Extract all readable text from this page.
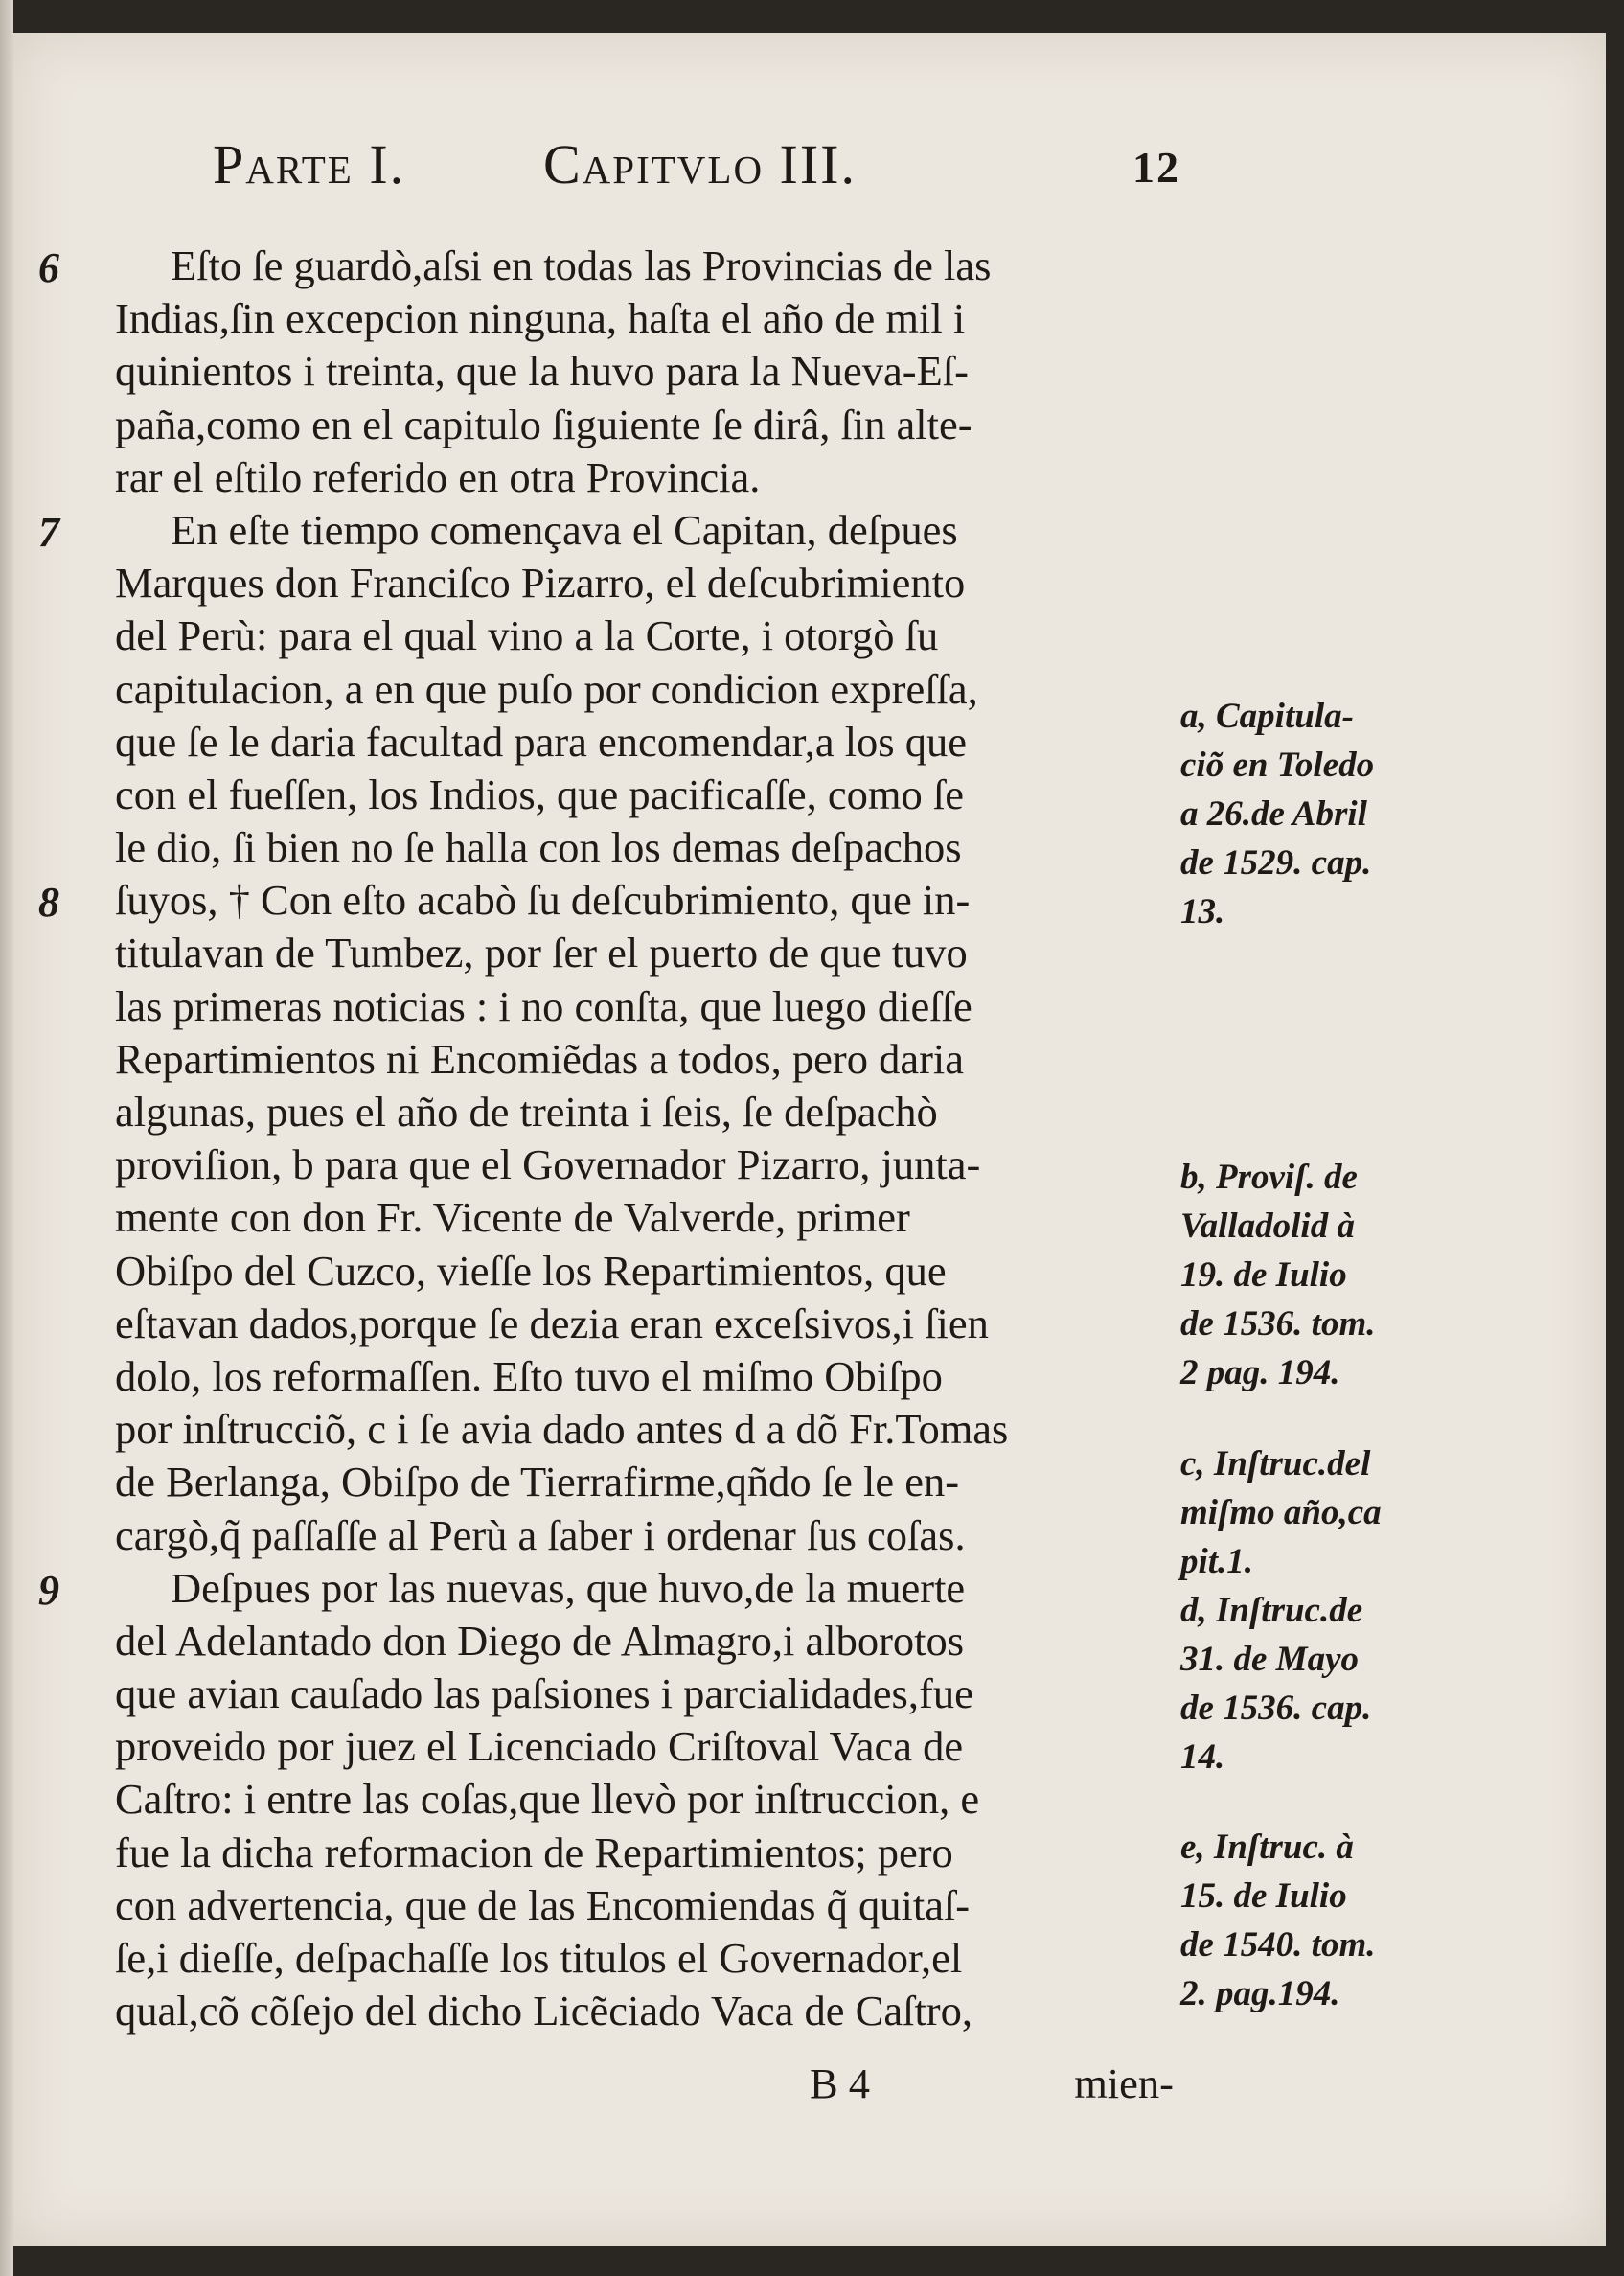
Parte I. Capitvlo III.	12
6	Eſto ſe guardò,aſsi en todas las Provincias de las
Indias,ſin excepcion ninguna, haſta el año de mil i
quinientos i treinta, que la huvo para la Nueva-Eſ-
paña,como en el capitulo ſiguiente ſe dirâ, ſin alte-
rar el eſtilo referido en otra Provincia.
7	En eſte tiempo començava el Capitan, deſpues
Marques don Franciſco Pizarro, el deſcubrimiento
del Perù: para el qual vino a la Corte, i otorgò ſu
capitulacion, a en que puſo por condicion expreſſa,
que ſe le daria facultad para encomendar,a los que
con el fueſſen, los Indios, que pacificaſſe, como ſe
le dio, ſi bien no ſe halla con los demas deſpachos
8	ſuyos, † Con eſto acabò ſu deſcubrimiento, que in-
titulavan de Tumbez, por ſer el puerto de que tuvo
las primeras noticias : i no conſta, que luego dieſſe
Repartimientos ni Encomiẽdas a todos, pero daria
algunas, pues el año de treinta i ſeis, ſe deſpachò
proviſion, b para que el Governador Pizarro, junta-
mente con don Fr. Vicente de Valverde, primer
Obiſpo del Cuzco, vieſſe los Repartimientos, que
eſtavan dados,porque ſe dezia eran exceſsivos,i ſien
dolo, los reformaſſen. Eſto tuvo el miſmo Obiſpo
por inſtrucciõ, c i ſe avia dado antes d a dõ Fr.Tomas
de Berlanga, Obiſpo de Tierrafirme,qñdo ſe le en-
cargò,q̃ paſſaſſe al Perù a ſaber i ordenar ſus coſas.
9	Deſpues por las nuevas, que huvo,de la muerte
del Adelantado don Diego de Almagro,i alborotos
que avian cauſado las paſsiones i parcialidades,fue
proveido por juez el Licenciado Criſtoval Vaca de
Caſtro: i entre las coſas,que llevò por inſtruccion, e
fue la dicha reformacion de Repartimientos; pero
con advertencia, que de las Encomiendas q̃ quitaſ-
ſe,i dieſſe, deſpachaſſe los titulos el Governador,el
qual,cõ cõſejo del dicho Licẽciado Vaca de Caſtro,
a, Capitula-
ciõ en Toledo
a 26.de Abril
de 1529. cap.
13.
b, Proviſ. de
Valladolid à
19. de Iulio
de 1536. tom.
2 pag. 194.
c, Inſtruc.del
miſmo año,ca
pit.1.
d, Inſtruc.de
31. de Mayo
de 1536. cap.
14.
e, Inſtruc. à
15. de Iulio
de 1540. tom.
2. pag.194.
B 4	mien-
